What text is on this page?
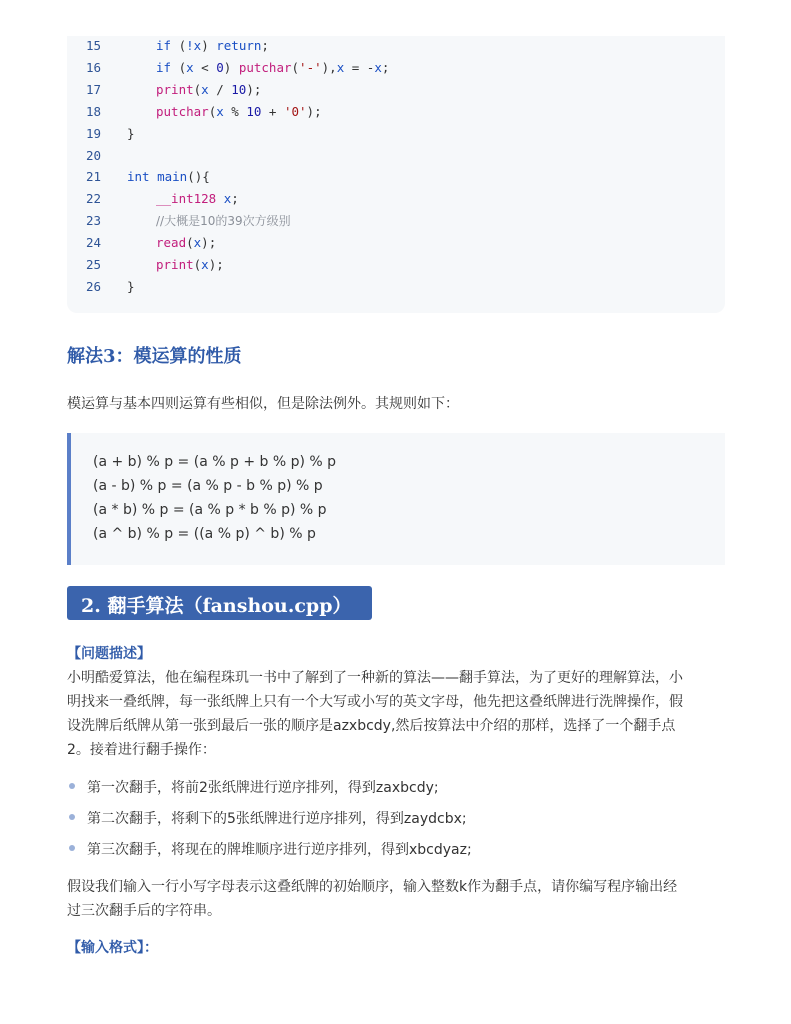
15	if (!x) return;
16	if (x < 0) putchar('-'),x = -x;
17	print(x / 10);
18	putchar(x % 10 + '0');
19 }
20
21 int main(){
22	__int128 x;
23	//大概是10的39次方级别
24	read(x);
25	print(x);
26 }
解法3：模运算的性质
模运算与基本四则运算有些相似，但是除法例外。其规则如下：
(a + b) % p = (a % p + b % p) % p
(a - b) % p = (a % p - b % p) % p
(a * b) % p = (a % p * b % p) % p
(a ^ b) % p = ((a % p) ^ b) % p
2. 翻手算法（fanshou.cpp）
【问题描述】
小明酷爱算法，他在编程珠玑一书中了解到了一种新的算法——翻手算法，为了更好的理解算法，小
明找来一叠纸牌，每一张纸牌上只有一个大写或小写的英文字母，他先把这叠纸牌进行洗牌操作，假
设洗牌后纸牌从第一张到最后一张的顺序是azxbcdy,然后按算法中介绍的那样，选择了一个翻手点
2。接着进行翻手操作：
第一次翻手，将前2张纸牌进行逆序排列，得到zaxbcdy;
第二次翻手，将剩下的5张纸牌进行逆序排列，得到zaydcbx;
第三次翻手，将现在的牌堆顺序进行逆序排列，得到xbcdyaz;
假设我们输入一行小写字母表示这叠纸牌的初始顺序，输入整数k作为翻手点，请你编写程序输出经
过三次翻手后的字符串。
【输入格式】：
